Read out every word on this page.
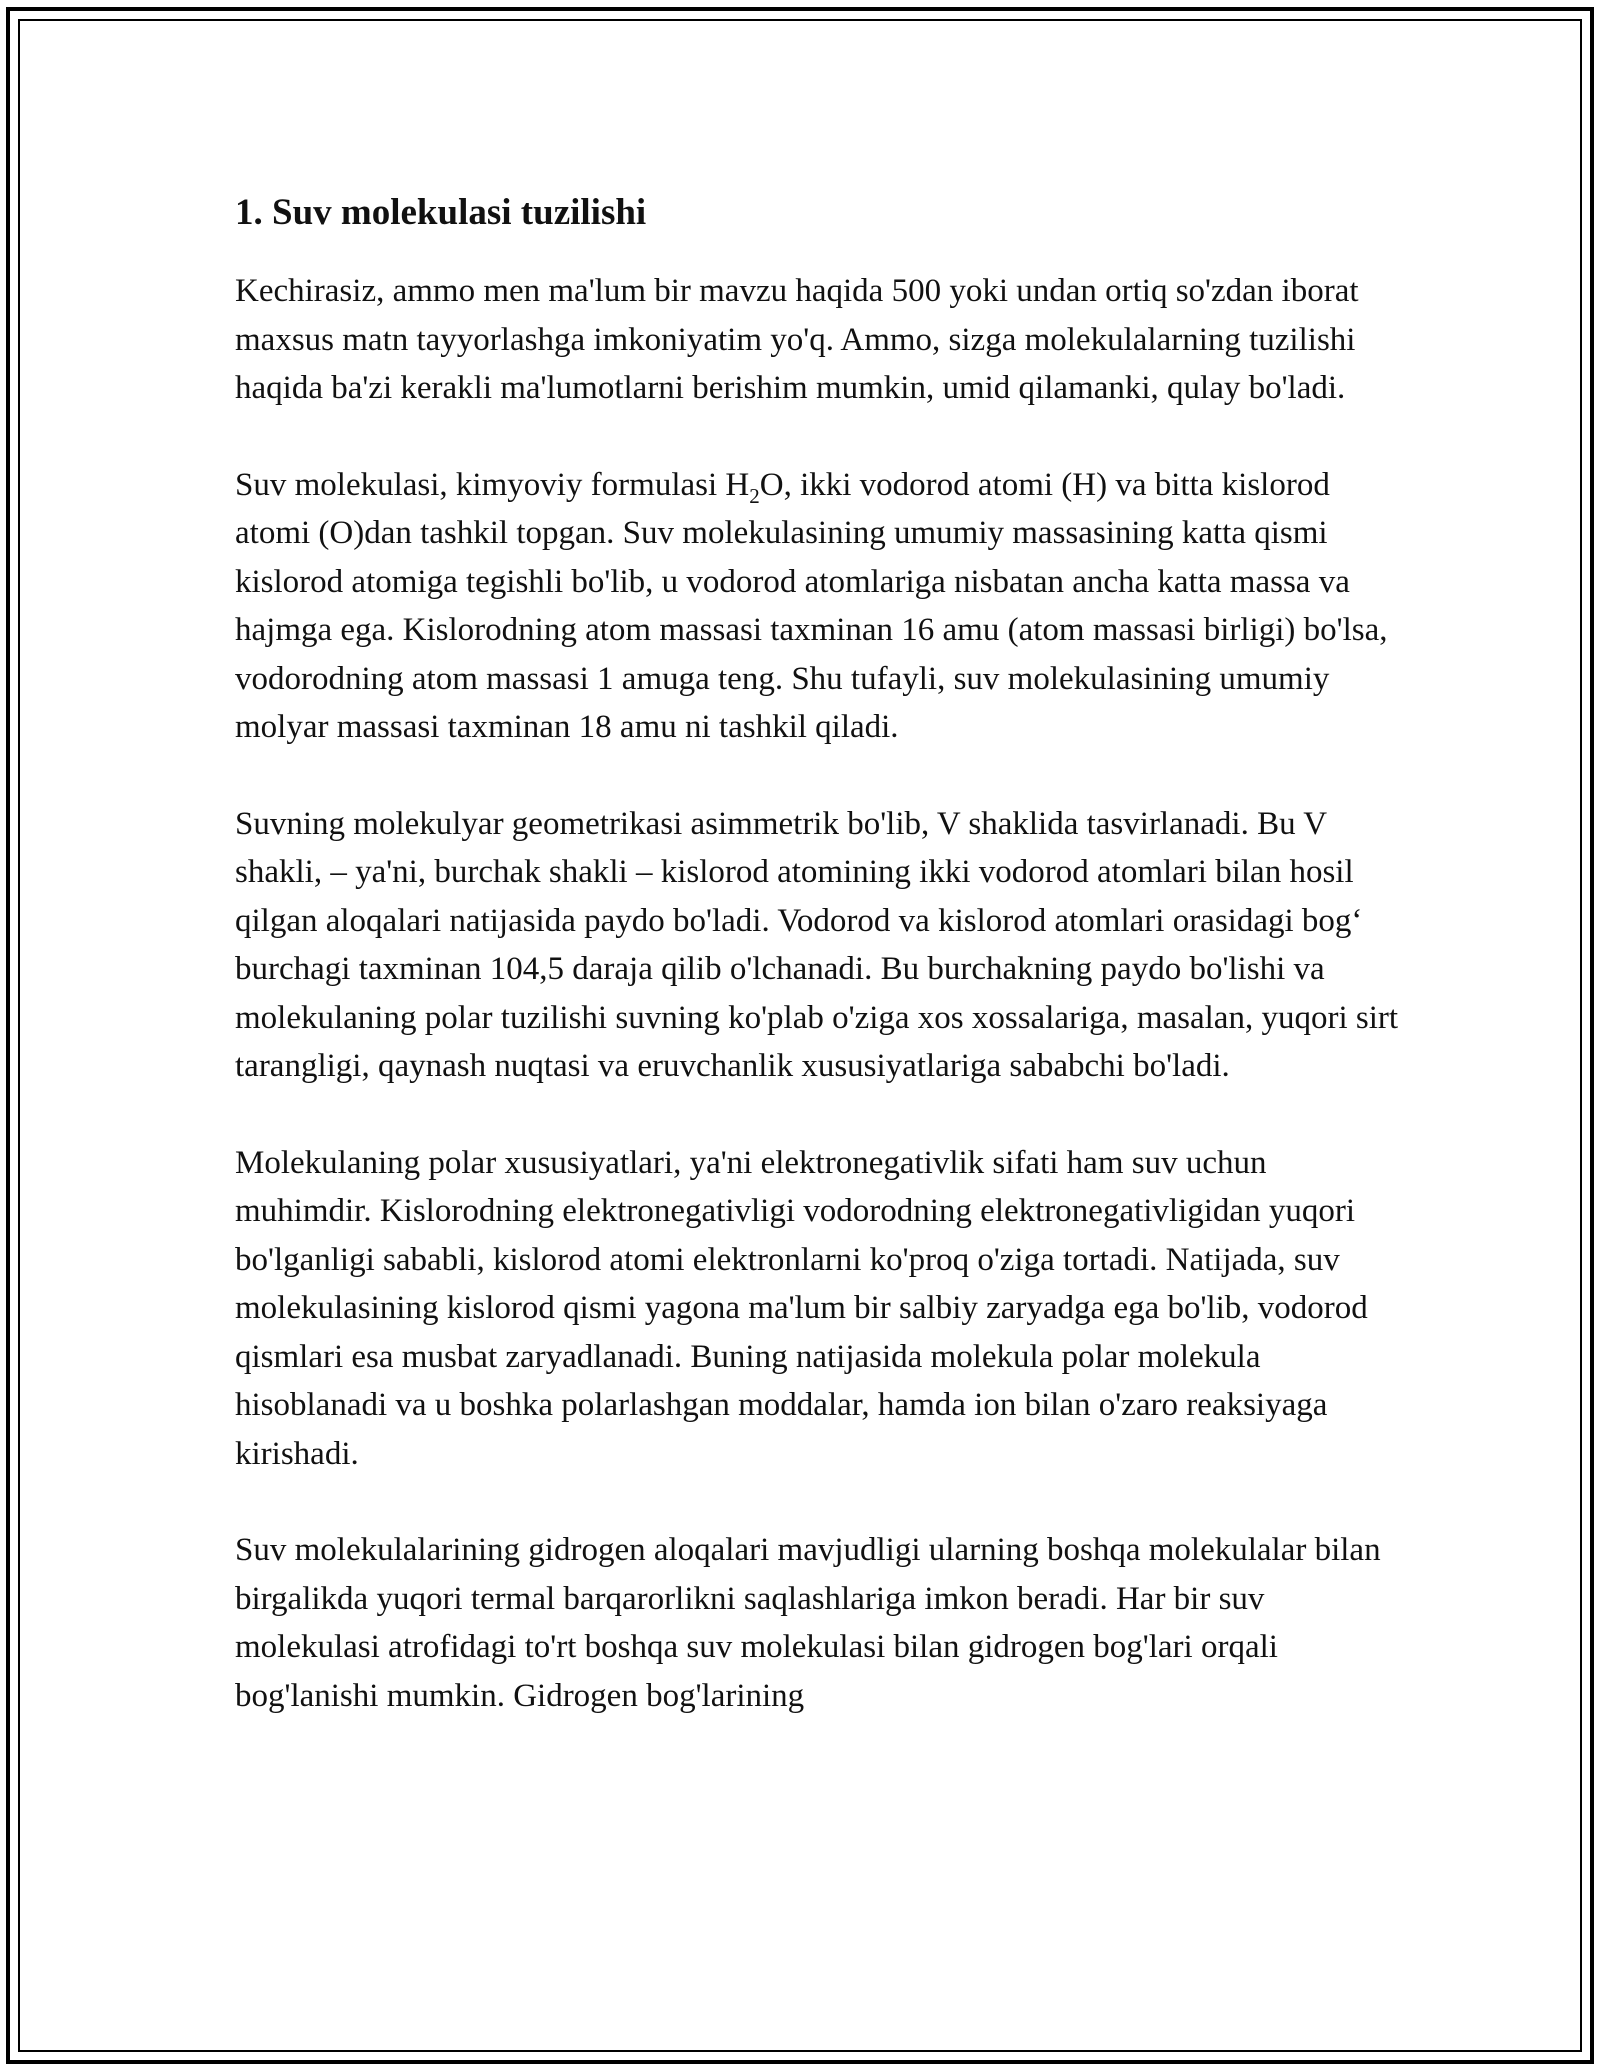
1. Suv molekulasi tuzilishi

Kechirasiz, ammo men ma'lum bir mavzu haqida 500 yoki undan ortiq so'zdan iborat maxsus matn tayyorlashga imkoniyatim yo'q. Ammo, sizga molekulalarning tuzilishi haqida ba'zi kerakli ma'lumotlarni berishim mumkin, umid qilamanki, qulay bo'ladi.

Suv molekulasi, kimyoviy formulasi $H_2O$, ikki vodorod atomi (H) va bitta kislorod atomi (O)dan tashkil topgan. Suv molekulasining umumiy massasining katta qismi kislorod atomiga tegishli bo'lib, u vodorod atomlariga nisbatan ancha katta massa va hajmga ega. Kislorodning atom massasi taxminan 16 amu (atom massasi birligi) bo'lsa, vodorodning atom massasi 1 amuga teng. Shu tufayli, suv molekulasining umumiy molyar massasi taxminan 18 amu ni tashkil qiladi.

Suvning molekulyar geometrikasi asimmetrik bo'lib, V shaklida tasvirlanadi. Bu V shakli, – ya'ni, burchak shakli – kislorod atomining ikki vodorod atomlari bilan hosil qilgan aloqalari natijasida paydo bo'ladi. Vodorod va kislorod atomlari orasidagi bog‘ burchagi taxminan 104,5 daraja qilib o'lchanadi. Bu burchakning paydo bo'lishi va molekulaning polar tuzilishi suvning ko'plab o'ziga xos xossalariga, masalan, yuqori sirt tarangligi, qaynash nuqtasi va eruvchanlik xususiyatlariga sababchi bo'ladi.

Molekulaning polar xususiyatlari, ya'ni elektronegativlik sifati ham suv uchun muhimdir. Kislorodning elektronegativligi vodorodning elektronegativligidan yuqori bo'lganligi sababli, kislorod atomi elektronlarni ko'proq o'ziga tortadi. Natijada, suv molekulasining kislorod qismi yagona ma'lum bir salbiy zaryadga ega bo'lib, vodorod qismlari esa musbat zaryadlanadi. Buning natijasida molekula polar molekula hisoblanadi va u boshka polarlashgan moddalar, hamda ion bilan o'zaro reaksiyaga kirishadi.

Suv molekulalarining gidrogen aloqalari mavjudligi ularning boshqa molekulalar bilan birgalikda yuqori termal barqarorlikni saqlashlariga imkon beradi. Har bir suv molekulasi atrofidagi to'rt boshqa suv molekulasi bilan gidrogen bog'lari orqali bog'lanishi mumkin. Gidrogen bog'larining
